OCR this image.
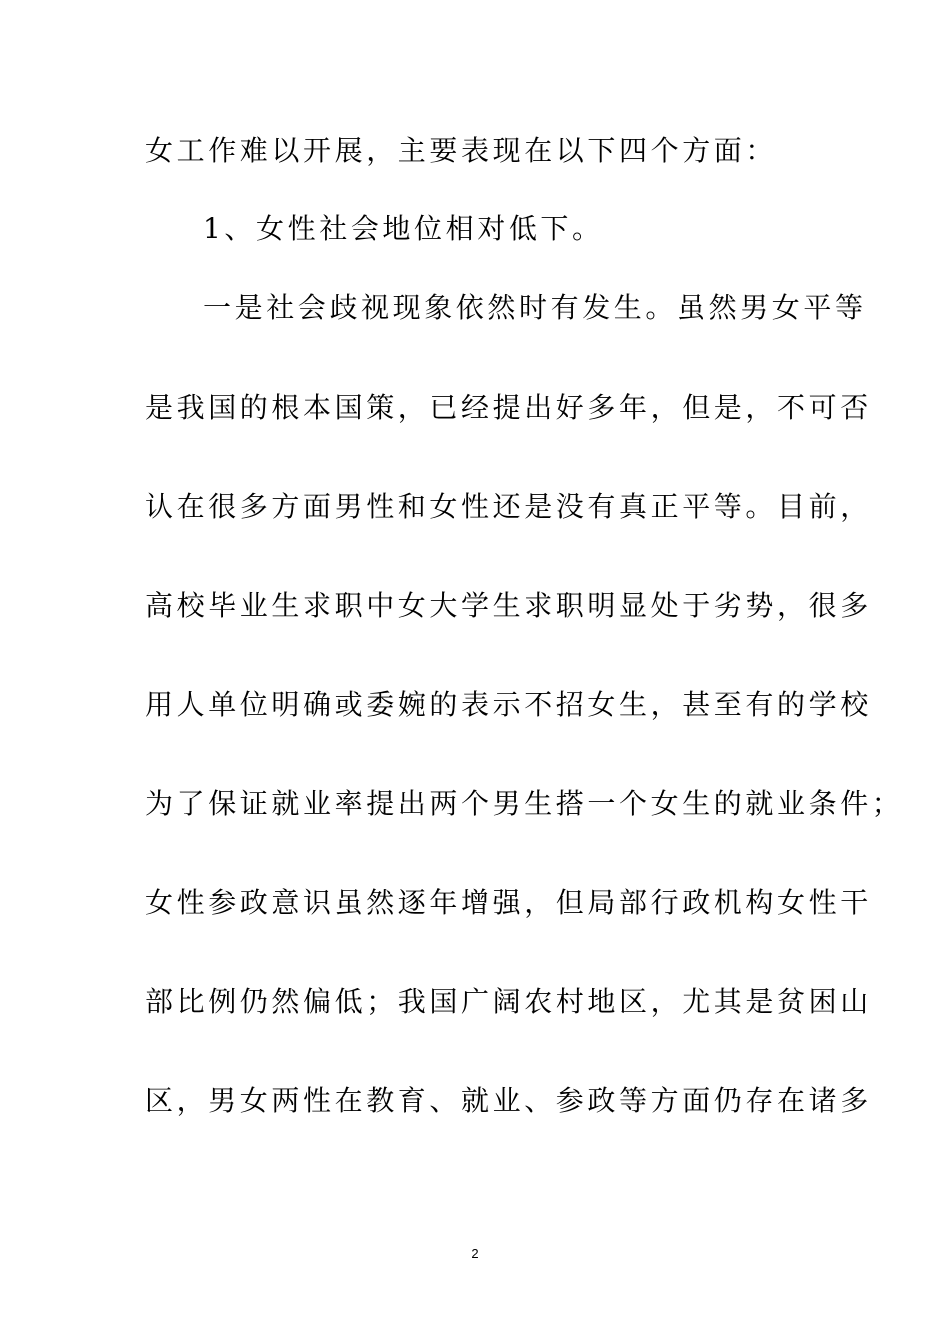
女工作难以开展，主要表现在以下四个方面：
1、女性社会地位相对低下。
一是社会歧视现象依然时有发生。虽然男女平等
是我国的根本国策，已经提出好多年，但是，不可否
认在很多方面男性和女性还是没有真正平等。目前，
高校毕业生求职中女大学生求职明显处于劣势，很多
用人单位明确或委婉的表示不招女生，甚至有的学校
为了保证就业率提出两个男生搭一个女生的就业条件；
女性参政意识虽然逐年增强，但局部行政机构女性干
部比例仍然偏低；我国广阔农村地区，尤其是贫困山
区，男女两性在教育、就业、参政等方面仍存在诸多
2
